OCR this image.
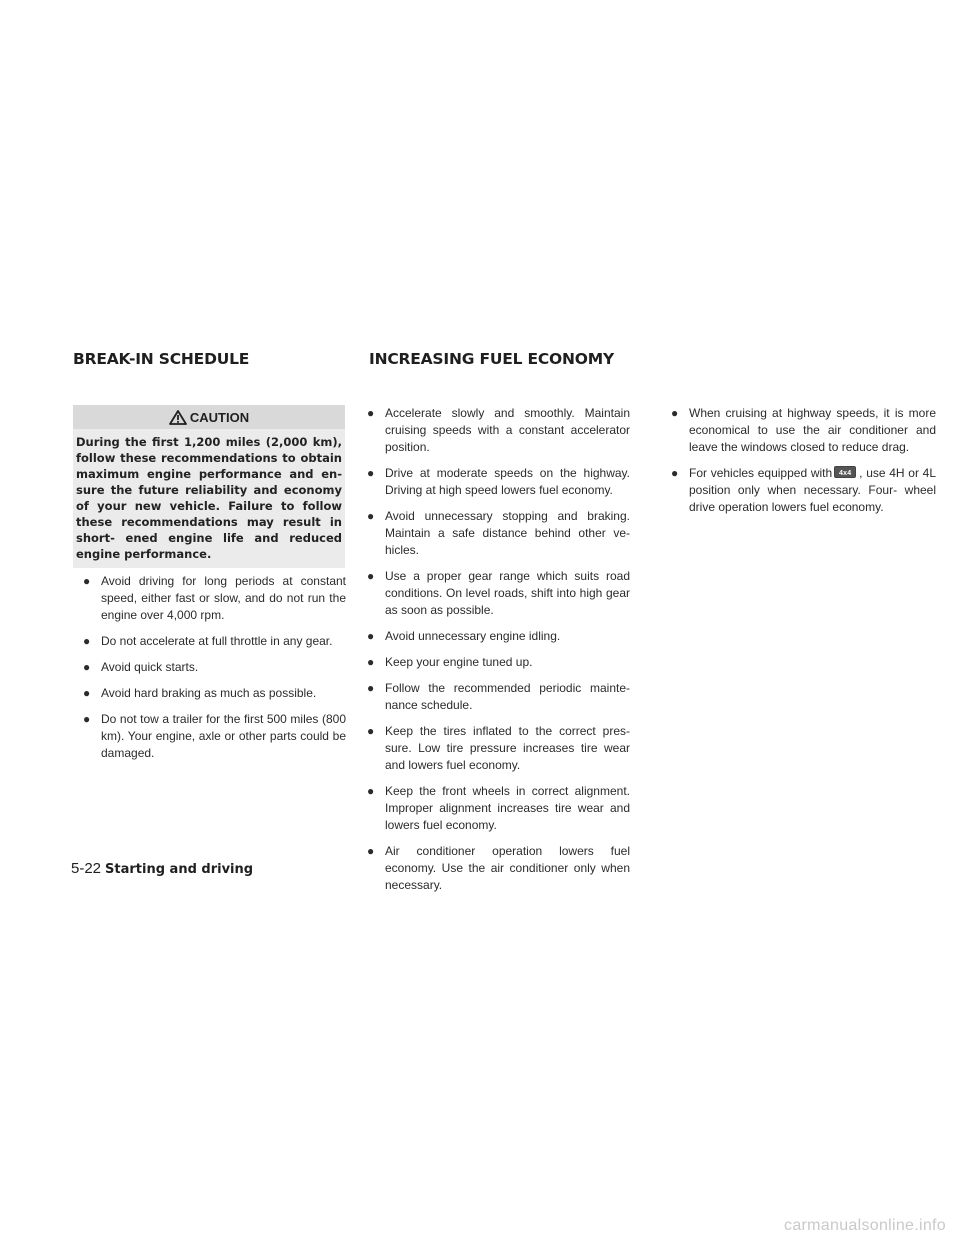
BREAK-IN SCHEDULE	INCREASING FUEL ECONOMY
CAUTION
During the first 1,200 miles (2,000 km), follow these recommendations to obtain maximum engine performance and en- sure the future reliability and economy of your new vehicle. Failure to follow these recommendations may result in short- ened engine life and reduced engine performance.
● Avoid driving for long periods at constant speed, either fast or slow, and do not run the engine over 4,000 rpm.
● Do not accelerate at full throttle in any gear.
● Avoid quick starts.
● Avoid hard braking as much as possible.
● Do not tow a trailer for the first 500 miles (800 km). Your engine, axle or other parts could be damaged.
● Accelerate slowly and smoothly. Maintain cruising speeds with a constant accelerator position.
● Drive at moderate speeds on the highway. Driving at high speed lowers fuel economy.
● Avoid unnecessary stopping and braking. Maintain a safe distance behind other ve- hicles.
● Use a proper gear range which suits road conditions. On level roads, shift into high gear as soon as possible.
● Avoid unnecessary engine idling.
● Keep your engine tuned up.
● Follow the recommended periodic mainte- nance schedule.
● Keep the tires inflated to the correct pres- sure. Low tire pressure increases tire wear and lowers fuel economy.
● Keep the front wheels in correct alignment. Improper alignment increases tire wear and lowers fuel economy.
● Air conditioner operation lowers fuel economy. Use the air conditioner only when necessary.
● When cruising at highway speeds, it is more economical to use the air conditioner and leave the windows closed to reduce drag.
● For vehicles equipped with 4x4 , use 4H or 4L position only when necessary. Four- wheel drive operation lowers fuel economy.
5-22 Starting and driving
carmanualsonline.info
